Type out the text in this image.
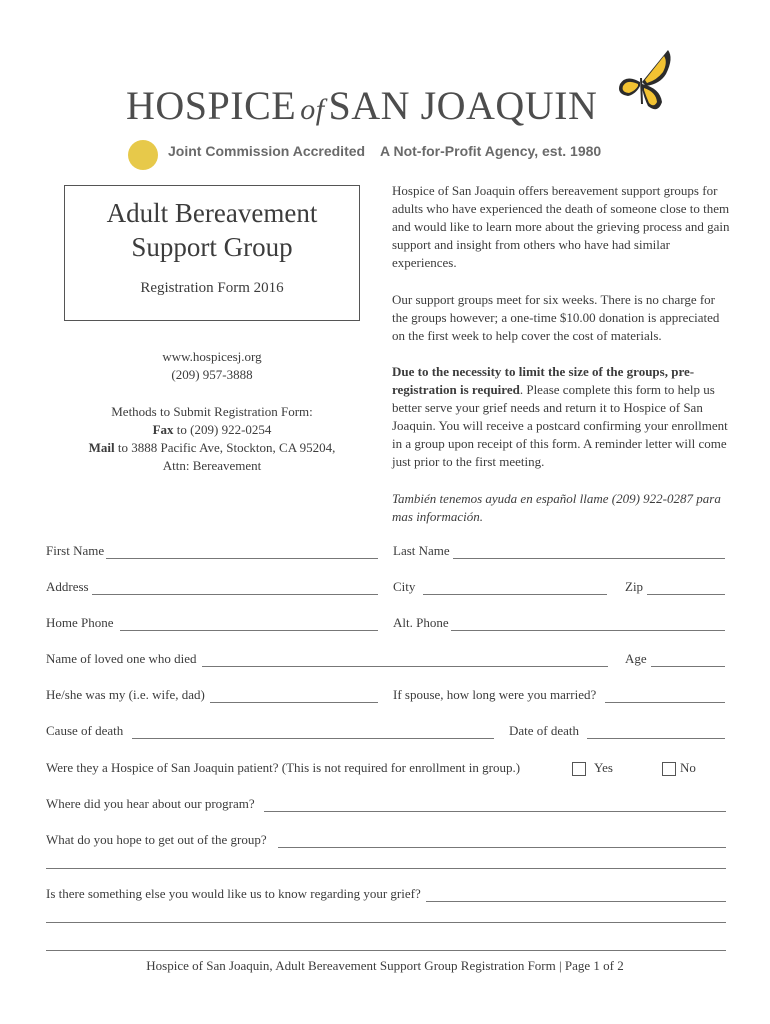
HOSPICE of SAN JOAQUIN
Joint Commission Accredited A Not-for-Profit Agency, est. 1980
Adult Bereavement
Support Group
Registration Form 2016
www.hospicesj.org
(209) 957-3888
Methods to Submit Registration Form:
Fax to (209) 922-0254
Mail to 3888 Pacific Ave, Stockton, CA 95204,
Attn: Bereavement
Hospice of San Joaquin offers bereavement support groups for adults who have experienced the death of someone close to them and would like to learn more about the grieving process and gain support and insight from others who have had similar experiences.
Our support groups meet for six weeks. There is no charge for the groups however; a one-time $10.00 donation is appreciated on the first week to help cover the cost of materials.
Due to the necessity to limit the size of the groups, pre-registration is required. Please complete this form to help us better serve your grief needs and return it to Hospice of San Joaquin. You will receive a postcard confirming your enrollment in a group upon receipt of this form. A reminder letter will come just prior to the first meeting.
También tenemos ayuda en español llame (209) 922-0287 para mas información.
First Name	Last Name
Address	City	Zip
Home Phone	Alt. Phone
Name of loved one who died	Age
He/she was my (i.e. wife, dad)	If spouse, how long were you married?
Cause of death	Date of death
Were they a Hospice of San Joaquin patient? (This is not required for enrollment in group.)	Yes	No
Where did you hear about our program?
What do you hope to get out of the group?
Is there something else you would like us to know regarding your grief?
Hospice of San Joaquin, Adult Bereavement Support Group Registration Form | Page 1 of 2
